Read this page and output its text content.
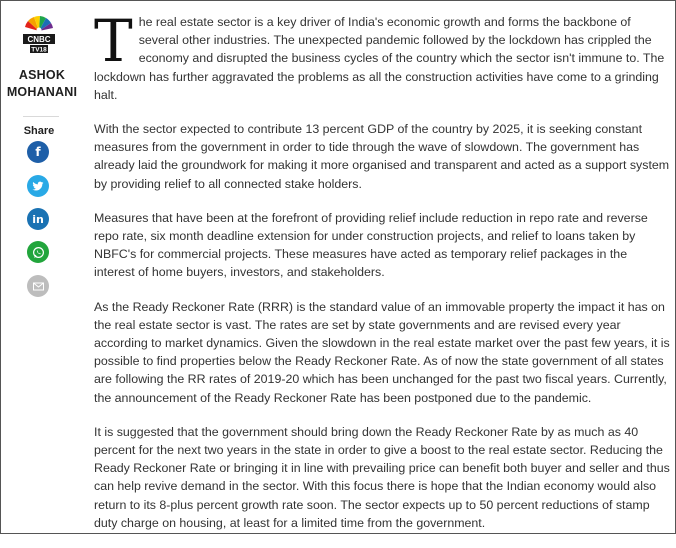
CNBC
TV18
ASHOK
MOHANANI
Share
f
in

T he real estate sector is a key driver of India's economic growth and forms the backbone of several other industries. The unexpected pandemic followed by the lockdown has crippled the economy and disrupted the business cycles of the country which the sector isn't immune to. The lockdown has further aggravated the problems as all the construction activities have come to a grinding halt.

With the sector expected to contribute 13 percent GDP of the country by 2025, it is seeking constant measures from the government in order to tide through the wave of slowdown. The government has already laid the groundwork for making it more organised and transparent and acted as a support system by providing relief to all connected stake holders.

Measures that have been at the forefront of providing relief include reduction in repo rate and reverse repo rate, six month deadline extension for under construction projects, and relief to loans taken by NBFC's for commercial projects. These measures have acted as temporary relief packages in the interest of home buyers, investors, and stakeholders.

As the Ready Reckoner Rate (RRR) is the standard value of an immovable property the impact it has on the real estate sector is vast. The rates are set by state governments and are revised every year according to market dynamics. Given the slowdown in the real estate market over the past few years, it is possible to find properties below the Ready Reckoner Rate. As of now the state government of all states are following the RR rates of 2019-20 which has been unchanged for the past two fiscal years. Currently, the announcement of the Ready Reckoner Rate has been postponed due to the pandemic.

It is suggested that the government should bring down the Ready Reckoner Rate by as much as 40 percent for the next two years in the state in order to give a boost to the real estate sector. Reducing the Ready Reckoner Rate or bringing it in line with prevailing price can benefit both buyer and seller and thus can help revive demand in the sector. With this focus there is hope that the Indian economy would also return to its 8-plus percent growth rate soon. The sector expects up to 50 percent reductions of stamp duty charge on housing, at least for a limited time from the government.
